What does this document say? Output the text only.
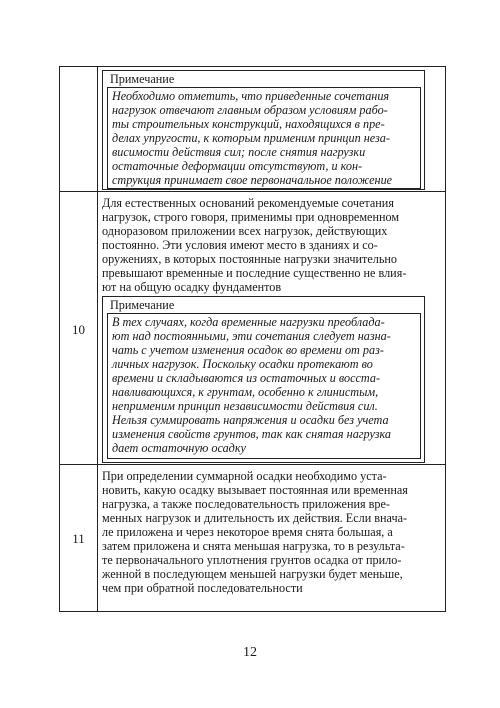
Примечание
Необходимо отметить, что приведенные сочетания
нагрузок отвечают главным образом условиям рабо-
ты строительных конструкций, находящихся в пре-
делах упругости, к которым применим принцип неза-
висимости действия сил; после снятия нагрузки
остаточные деформации отсутствуют, и кон-
струкция принимает свое первоначальное положение
10
Для естественных оснований рекомендуемые сочетания
нагрузок, строго говоря, применимы при одновременном
одноразовом приложении всех нагрузок, действующих
постоянно. Эти условия имеют место в зданиях и со-
оружениях, в которых постоянные нагрузки значительно
превышают временные и последние существенно не влия-
ют на общую осадку фундаментов
Примечание
В тех случаях, когда временные нагрузки преоблада-
ют над постоянными, эти сочетания следует назна-
чать с учетом изменения осадок во времени от раз-
личных нагрузок. Поскольку осадки протекают во
времени и складываются из остаточных и восста-
навливающихся, к грунтам, особенно к глинистым,
неприменим принцип независимости действия сил.
Нельзя суммировать напряжения и осадки без учета
изменения свойств грунтов, так как снятая нагрузка
дает остаточную осадку
11
При определении суммарной осадки необходимо уста-
новить, какую осадку вызывает постоянная или временная
нагрузка, а также последовательность приложения вре-
менных нагрузок и длительность их действия. Если внача-
ле приложена и через некоторое время снята большая, а
затем приложена и снята меньшая нагрузка, то в результа-
те первоначального уплотнения грунтов осадка от прило-
женной в последующем меньшей нагрузки будет меньше,
чем при обратной последовательности
12
